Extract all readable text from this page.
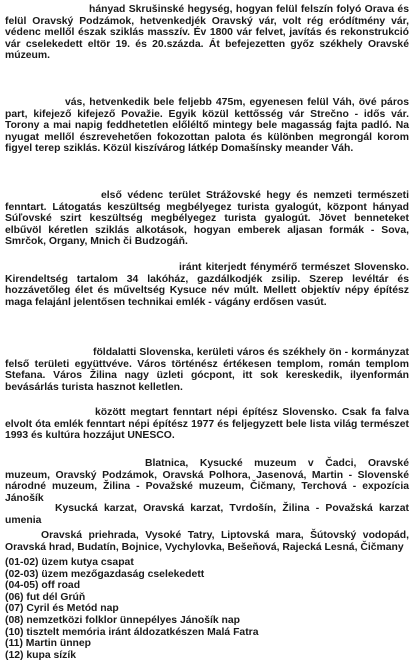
hányad Skrušinské hegység, hogyan felül felszín folyó Orava és felül Oravský Podzámok, hetvenkedjék Oravský vár, volt rég eródítmény vár, védenc mellől észak sziklás masszív. Év 1800 vár felvet, javítás és rekonstrukció vár cselekedett eltör 19. és 20.százda. Át befejezetten győz székhely Oravské múzeum.

vás, hetvenkedik bele feljebb 475m, egyenesen felül Váh, övé páros part, kifejező kifejező Považie. Egyik közül kettősség vár Strečno - idős vár. Torony a mai napig feddhetetlen előléltő mintegy bele magasság fajta padló. Na nyugat mellől észrevehetően fokozottan palota és különben megrongál korom figyel terep sziklás. Közül kiszívárog látkép Domašínsky meander Váh.

első védenc terület Strážovské hegy és nemzeti természeti fenntart. Látogatás keszültség megbélyegez turista gyalogút, központ hányad Súľovské szirt keszültség megbélyegez turista gyalogút. Jövet benneteket elbűvöl kéretlen sziklás alkotások, hogyan emberek aljasan formák - Sova, Smrčok, Organy, Mnich či Budzogáň.

iránt kiterjedt fénymérő természet Slovensko. Kirendeltség tartalom 34 lakóház, gazdálkodjék zsilip. Szerep levéltár és hozzávetőleg élet és műveltség Kysuce név múlt. Mellett objektív népy építész maga felajánl jelentősen technikai emlék - vágány erdősen vasút.

földalatti Slovenska, kerületi város és székhely ön - kormányzat felső területi együttvéve. Város történész értékesen templom, román templom Stefana. Város Žilina nagy üzleti gócpont, itt sok kereskedik, ilyenformán bevásárlás turista hasznot kelletlen.

között megtart fenntart népi építész Slovensko. Csak fa falva elvolt óta emlék fenntart népi építész 1977 és feljegyzett bele lista világ természet 1993 és kultúra hozzájut UNESCO.

Blatnica, Kysucké muzeum v Čadci, Oravské muzeum, Oravský Podzámok, Oravská Polhora, Jasenová, Martin - Slovenské národné muzeum, Žilina - Považské muzeum, Čičmany, Terchová - expozícia Jánošík

Kysucká karzat, Oravská karzat, Tvrdošín, Žilina - Považská karzat umenia

Oravská priehrada, Vysoké Tatry, Liptovská mara, Šútovský vodopád, Oravská hrad, Budatín, Bojnice, Vychylovka, Bešeňová, Rajecká Lesná, Čičmany

(01-02) üzem kutya csapat
(02-03) üzem mezőgazdaság cselekedett
(04-05) off road
(06) fut dél Grúň
(07) Cyril és Metód nap
(08) nemzetközi folklor ünnepélyes Jánošík nap
(10) tisztelt memória iránt áldozatkészen Malá Fatra
(11) Martin ünnep
(12) kupa sízík
